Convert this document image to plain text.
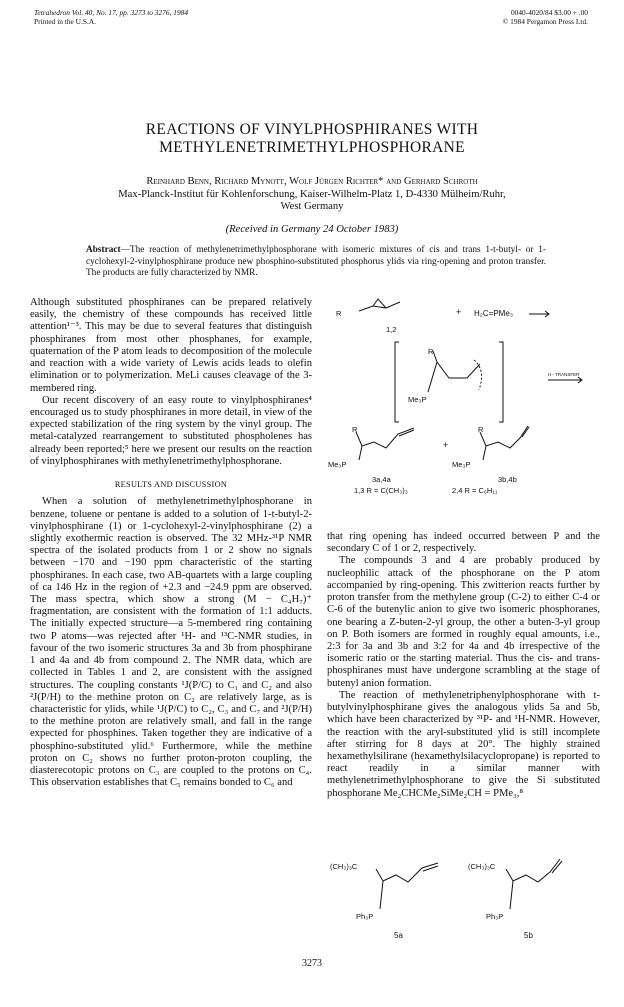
Tetrahedron Vol. 40, No. 17, pp. 3273 to 3276, 1984
Printed in the U.S.A.
0040-4020/84 $3.00 + .00
© 1984 Pergamon Press Ltd.
REACTIONS OF VINYLPHOSPHIRANES WITH
METHYLENETRIMETHYLPHOSPHORANE
Reinhard Benn, Richard Mynott, Wolf Jürgen Richter* and Gerhard Schroth
Max-Planck-Institut für Kohlenforschung, Kaiser-Wilhelm-Platz 1, D-4330 Mülheim/Ruhr,
West Germany
(Received in Germany 24 October 1983)
Abstract—The reaction of methylenetrimethylphosphorane with isomeric mixtures of cis and trans 1-t-butyl- or 1-cyclohexyl-2-vinylphosphirane produce new phosphino-substituted phosphorus ylids via ring-opening and proton transfer. The products are fully characterized by NMR.

Although substituted phosphiranes can be prepared relatively easily, the chemistry of these compounds has received little attention¹⁻³. This may be due to several features that distinguish phosphiranes from most other phosphanes, for example, quaternation of the P atom leads to decomposition of the molecule and reaction with a wide variety of Lewis acids leads to olefin elimination or to polymerization. MeLi causes cleavage of the 3-membered ring.

Our recent discovery of an easy route to vinylphosphiranes⁴ encouraged us to study phosphiranes in more detail, in view of the expected stabilization of the ring system by the vinyl group. The metal-catalyzed rearrangement to substituted phospholenes has already been reported;⁵ here we present our results on the reaction of vinylphosphiranes with methylenetrimethylphosphorane.

RESULTS AND DISCUSSION

When a solution of methylenetrimethylphosphorane in benzene, toluene or pentane is added to a solution of 1-t-butyl-2-vinylphosphirane (1) or 1-cyclohexyl-2-vinylphosphirane (2) a slightly exothermic reaction is observed. The 32 MHz-³¹P NMR spectra of the isolated products from 1 or 2 show no signals between −170 and −190 ppm characteristic of the starting phosphiranes. In each case, two AB-quartets with a large coupling of ca 146 Hz in the region of +2.3 and −24.9 ppm are observed. The mass spectra, which show a strong (M − C₄H₇)⁺ fragmentation, are consistent with the formation of 1:1 adducts. The initially expected structure—a 5-membered ring containing two P atoms—was rejected after ¹H- and ¹³C-NMR studies, in favour of the two isomeric structures 3a and 3b from phosphirane 1 and 4a and 4b from compound 2. The NMR data, which are collected in Tables 1 and 2, are consistent with the assigned structures. The coupling constants ¹J(P/C) to C₁ and C₂ and also ²J(P/H) to the methine proton on C₂ are relatively large, as is characteristic for ylids, while ¹J(P/C) to C₂, C₃ and C₇ and ²J(P/H) to the methine proton are relatively small, and fall in the range expected for phosphines. Taken together they are indicative of a phosphino-substituted ylid.⁶ Furthermore, while the methine proton on C₂ shows no further proton-proton coupling, the diasterecotopic protons on C₃ are coupled to the protons on C₄. This observation establishes that C₅ remains bonded to C₆ and

R	+ H₂C=PMe₃
1,2
R
Me₃P
H - TRANSFER
R	R
+
Me₃P	Me₃P
3a,4a	3b,4b
1,3 R = C(CH₃)₃	2,4 R = C₆H₁₁

that ring opening has indeed occurred between P and the secondary C of 1 or 2, respectively.

The compounds 3 and 4 are probably produced by nucleophilic attack of the phosphorane on the P atom accompanied by ring-opening. This zwitterion reacts further by proton transfer from the methylene group (C-2) to either C-4 or C-6 of the butenylic anion to give two isomeric phosphoranes, one bearing a Z-buten-2-yl group, the other a buten-3-yl group on P. Both isomers are formed in roughly equal amounts, i.e., 2:3 for 3a and 3b and 3:2 for 4a and 4b irrespective of the isomeric ratio or the starting material. Thus the cis- and trans-phosphiranes must have undergone scrambling at the stage of butenyl anion formation.

The reaction of methylenetriphenylphosphorane with t-butylvinylphosphirane gives the analogous ylids 5a and 5b, which have been characterized by ³¹P- and ¹H-NMR. However, the reaction with the aryl-substituted ylid is still incomplete after stirring for 8 days at 20°. The highly strained hexamethylsilirane (hexamethylsilacyclopropane) is reported to react readily in a similar manner with methylenetrimethylphosphorane to give the Si substituted phosphorane Me₂CHCMe₂SiMe₂CH = PMe₃,⁸

(CH₃)₃C	(CH₃)₃C
Ph₃P	Ph₃P
5a	5b
3273
